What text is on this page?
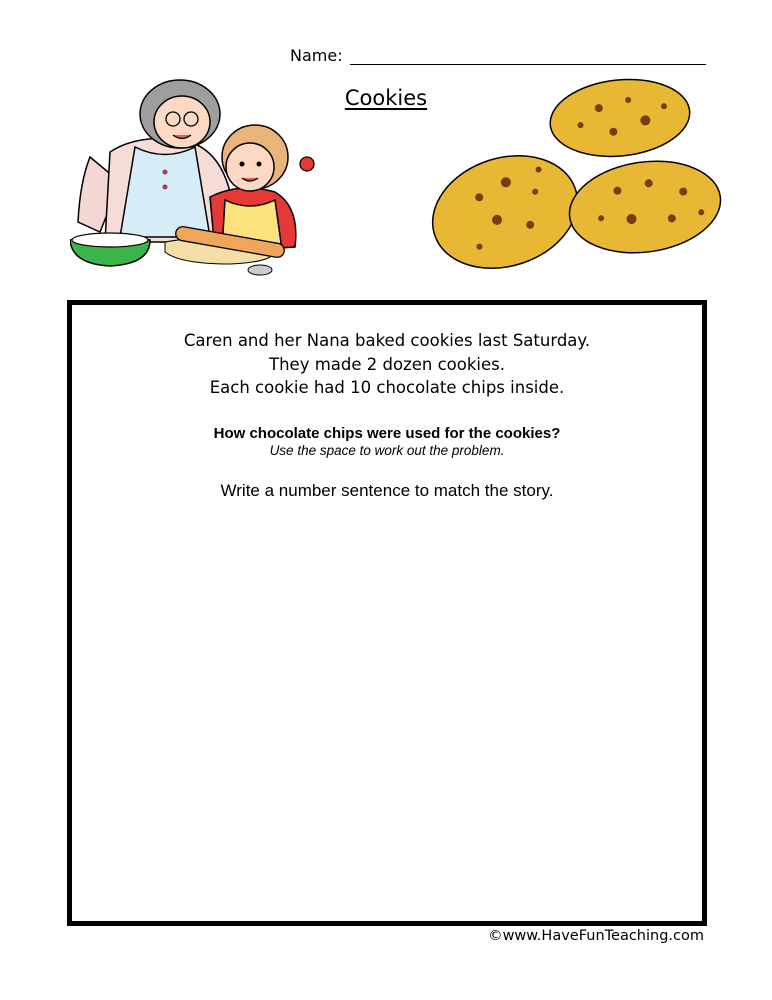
Name:
Cookies
Caren and her Nana baked cookies last Saturday.
They made 2 dozen cookies.
Each cookie had 10 chocolate chips inside.
How chocolate chips were used for the cookies?
Use the space to work out the problem.
Write a number sentence to match the story.
©www.HaveFunTeaching.com
